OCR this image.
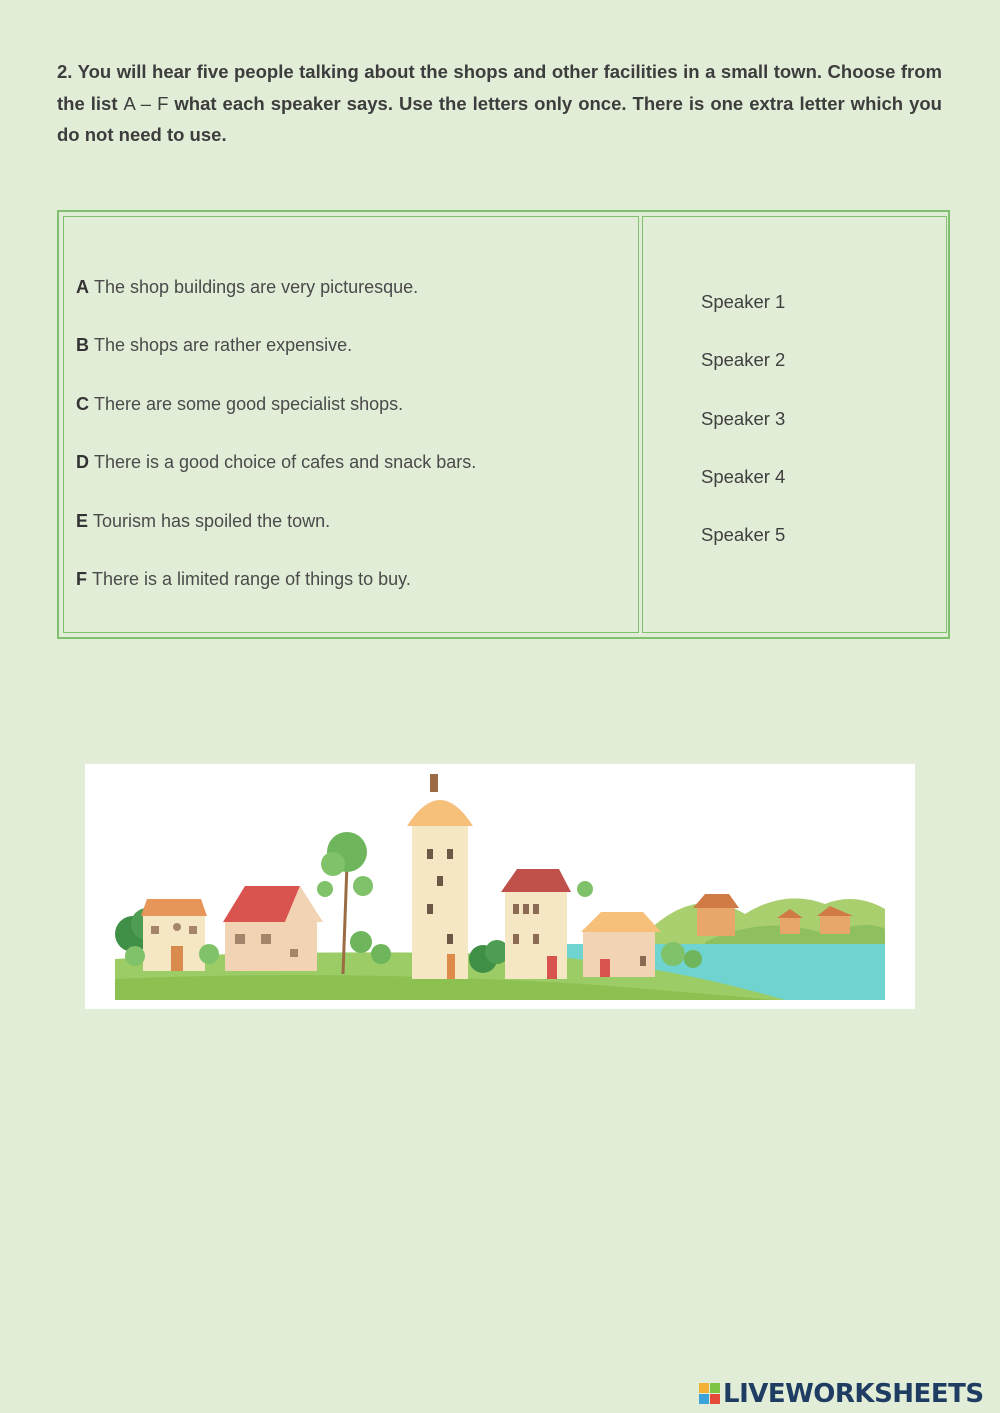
2. You will hear five people talking about the shops and other facilities in a small town. Choose from the list A – F what each speaker says. Use the letters only once. There is one extra letter which you do not need to use.
A The shop buildings are very picturesque.
B The shops are rather expensive.
C There are some good specialist shops.
D There is a good choice of cafes and snack bars.
E Tourism has spoiled the town.
F There is a limited range of things to buy.
Speaker 1
Speaker 2
Speaker 3
Speaker 4
Speaker 5
LIVEWORKSHEETS
